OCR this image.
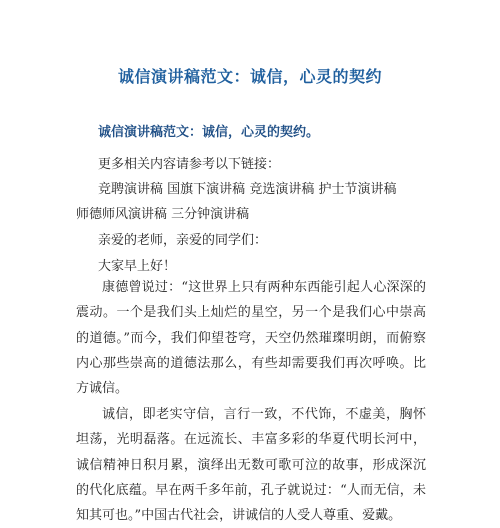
诚信演讲稿范文：诚信，心灵的契约
诚信演讲稿范文：诚信，心灵的契约。
更多相关内容请参考以下链接：
竞聘演讲稿 国旗下演讲稿 竞选演讲稿 护士节演讲稿
师德师风演讲稿 三分钟演讲稿
亲爱的老师，亲爱的同学们：
大家早上好！
康德曾说过：“这世界上只有两种东西能引起人心深深的震动。一个是我们头上灿烂的星空，另一个是我们心中崇高的道德。”而今，我们仰望苍穹，天空仍然璀璨明朗，而俯察内心那些崇高的道德法那么，有些却需要我们再次呼唤。比方诚信。
诚信，即老实守信，言行一致，不代饰，不虚美，胸怀坦荡，光明磊落。在远流长、丰富多彩的华夏代明长河中，诚信精神日积月累，演绎出无数可歌可泣的故事，形成深沉的代化底蕴。早在两千多年前，孔子就说过：“人而无信，未知其可也。”中国古代社会，讲诚信的人受人尊重、爱戴。
